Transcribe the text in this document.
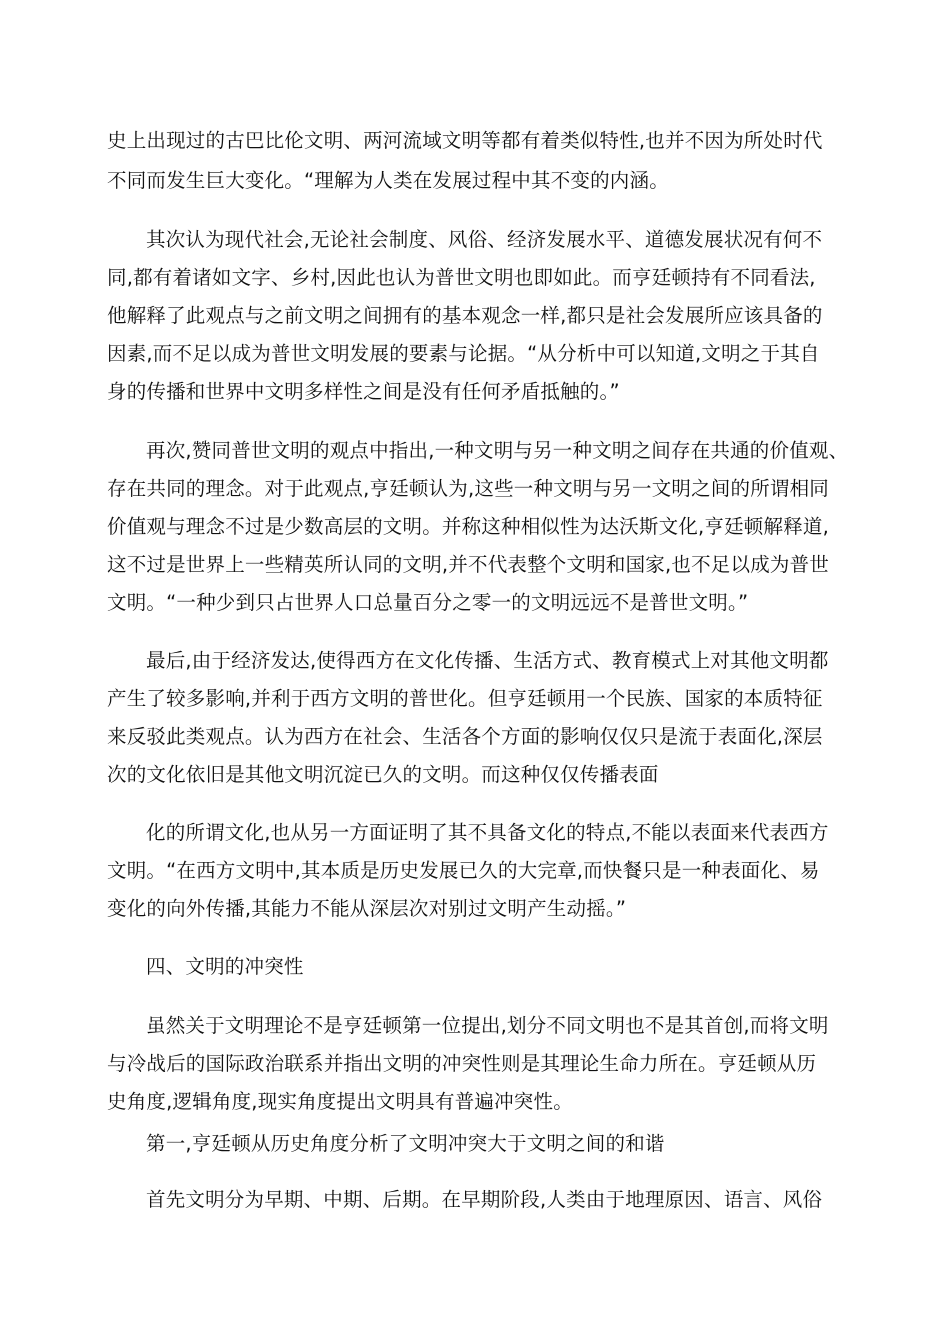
史上出现过的古巴比伦文明、两河流域文明等都有着类似特性,也并不因为所处时代
不同而发生巨大变化。“理解为人类在发展过程中其不变的内涵。
其次认为现代社会,无论社会制度、风俗、经济发展水平、道德发展状况有何不
同,都有着诸如文字、乡村,因此也认为普世文明也即如此。而亨廷顿持有不同看法,
他解释了此观点与之前文明之间拥有的基本观念一样,都只是社会发展所应该具备的
因素,而不足以成为普世文明发展的要素与论据。“从分析中可以知道,文明之于其自
身的传播和世界中文明多样性之间是没有任何矛盾抵触的。”
再次,赞同普世文明的观点中指出,一种文明与另一种文明之间存在共通的价值观、
存在共同的理念。对于此观点,亨廷顿认为,这些一种文明与另一文明之间的所谓相同
价值观与理念不过是少数高层的文明。并称这种相似性为达沃斯文化,亨廷顿解释道,
这不过是世界上一些精英所认同的文明,并不代表整个文明和国家,也不足以成为普世
文明。“一种少到只占世界人口总量百分之零一的文明远远不是普世文明。”
最后,由于经济发达,使得西方在文化传播、生活方式、教育模式上对其他文明都
产生了较多影响,并利于西方文明的普世化。但亨廷顿用一个民族、国家的本质特征
来反驳此类观点。认为西方在社会、生活各个方面的影响仅仅只是流于表面化,深层
次的文化依旧是其他文明沉淀已久的文明。而这种仅仅传播表面
化的所谓文化,也从另一方面证明了其不具备文化的特点,不能以表面来代表西方
文明。“在西方文明中,其本质是历史发展已久的大完章,而快餐只是一种表面化、易
变化的向外传播,其能力不能从深层次对别过文明产生动摇。”
四、文明的冲突性
虽然关于文明理论不是亨廷顿第一位提出,划分不同文明也不是其首创,而将文明
与冷战后的国际政治联系并指出文明的冲突性则是其理论生命力所在。亨廷顿从历
史角度,逻辑角度,现实角度提出文明具有普遍冲突性。
第一,亨廷顿从历史角度分析了文明冲突大于文明之间的和谐
首先文明分为早期、中期、后期。在早期阶段,人类由于地理原因、语言、风俗
